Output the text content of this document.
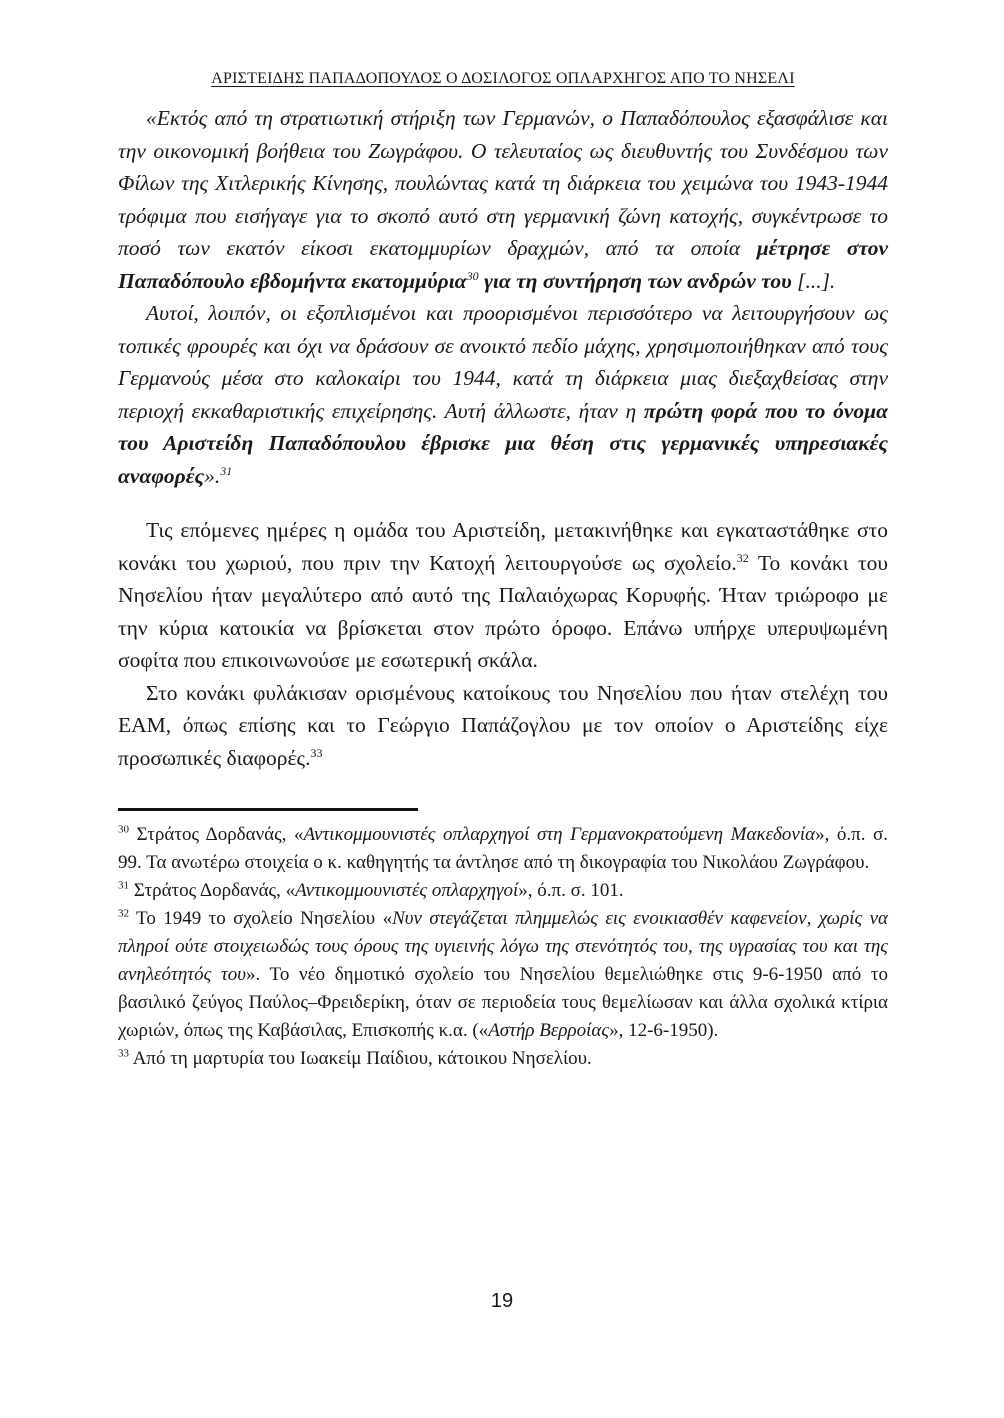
ΑΡΙΣΤΕΙΔΗΣ ΠΑΠΑΔΟΠΟΥΛΟΣ Ο ΔΟΣΙΛΟΓΟΣ ΟΠΛΑΡΧΗΓΟΣ ΑΠΟ ΤΟ ΝΗΣΕΛΙ

«Εκτός από τη στρατιωτική στήριξη των Γερμανών, ο Παπαδόπουλος εξασφάλισε και την οικονομική βοήθεια του Ζωγράφου. Ο τελευταίος ως διευθυντής του Συνδέσμου των Φίλων της Χιτλερικής Κίνησης, πουλώντας κατά τη διάρκεια του χειμώνα του 1943-1944 τρόφιμα που εισήγαγε για το σκοπό αυτό στη γερμανική ζώνη κατοχής, συγκέντρωσε το ποσό των εκατόν είκοσι εκατομμυρίων δραχμών, από τα οποία μέτρησε στον Παπαδόπουλο εβδομήντα εκατομμύρια$^{30}$ για τη συντήρηση των ανδρών του [...].

Αυτοί, λοιπόν, οι εξοπλισμένοι και προορισμένοι περισσότερο να λειτουργήσουν ως τοπικές φρουρές και όχι να δράσουν σε ανοικτό πεδίο μάχης, χρησιμοποιήθηκαν από τους Γερμανούς μέσα στο καλοκαίρι του 1944, κατά τη διάρκεια μιας διεξαχθείσας στην περιοχή εκκαθαριστικής επιχείρησης. Αυτή άλλωστε, ήταν η πρώτη φορά που το όνομα του Αριστείδη Παπαδόπουλου έβρισκε μια θέση στις γερμανικές υπηρεσιακές αναφορές».$^{31}$

Τις επόμενες ημέρες η ομάδα του Αριστείδη, μετακινήθηκε και εγκαταστάθηκε στο κονάκι του χωριού, που πριν την Κατοχή λειτουργούσε ως σχολείο.$^{32}$ Το κονάκι του Νησελίου ήταν μεγαλύτερο από αυτό της Παλαιόχωρας Κορυφής. Ήταν τριώροφο με την κύρια κατοικία να βρίσκεται στον πρώτο όροφο. Επάνω υπήρχε υπερυψωμένη σοφίτα που επικοινωνούσε με εσωτερική σκάλα.

Στο κονάκι φυλάκισαν ορισμένους κατοίκους του Νησελίου που ήταν στελέχη του ΕΑΜ, όπως επίσης και το Γεώργιο Παπάζογλου με τον οποίον ο Αριστείδης είχε προσωπικές διαφορές.$^{33}$

$^{30}$ Στράτος Δορδανάς, «Αντικομμουνιστές οπλαρχηγοί στη Γερμανοκρατούμενη Μακεδονία», ό.π. σ. 99. Τα ανωτέρω στοιχεία ο κ. καθηγητής τα άντλησε από τη δικογραφία του Νικολάου Ζωγράφου.

$^{31}$ Στράτος Δορδανάς, «Αντικομμουνιστές οπλαρχηγοί», ό.π. σ. 101.

$^{32}$ Το 1949 το σχολείο Νησελίου «Νυν στεγάζεται πλημμελώς εις ενοικιασθέν καφενείον, χωρίς να πληροί ούτε στοιχειωδώς τους όρους της υγιεινής λόγω της στενότητός του, της υγρασίας του και της ανηλεότητός του». Το νέο δημοτικό σχολείο του Νησελίου θεμελιώθηκε στις 9-6-1950 από το βασιλικό ζεύγος Παύλος–Φρειδερίκη, όταν σε περιοδεία τους θεμελίωσαν και άλλα σχολικά κτίρια χωριών, όπως της Καβάσιλας, Επισκοπής κ.α. («Αστήρ Βερροίας», 12-6-1950).

$^{33}$ Από τη μαρτυρία του Ιωακείμ Παίδιου, κάτοικου Νησελίου.

19
